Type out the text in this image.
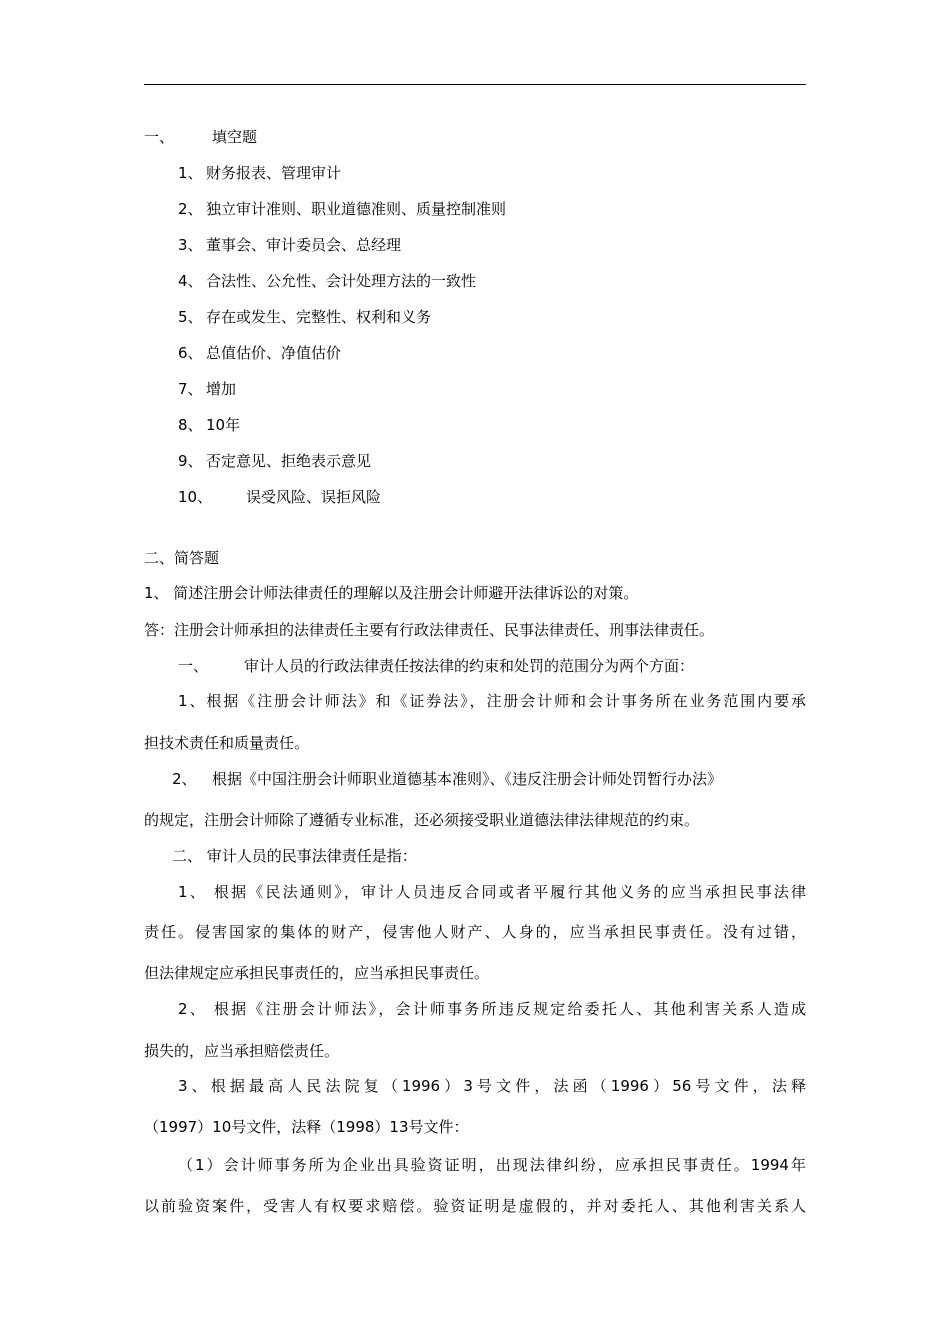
一、	填空题
1、 财务报表、管理审计
2、 独立审计准则、职业道德准则、质量控制准则
3、 董事会、审计委员会、总经理
4、 合法性、公允性、会计处理方法的一致性
5、 存在或发生、完整性、权利和义务
6、 总值估价、净值估价
7、 增加
8、 10年
9、 否定意见、拒绝表示意见
10、 误受风险、误拒风险
二、简答题
1、 简述注册会计师法律责任的理解以及注册会计师避开法律诉讼的对策。
答：注册会计师承担的法律责任主要有行政法律责任、民事法律责任、刑事法律责任。
一、 审计人员的行政法律责任按法律的约束和处罚的范围分为两个方面：
1、根据《注册会计师法》和《证券法》，注册会计师和会计事务所在业务范围内要承
担技术责任和质量责任。
2、 根据《中国注册会计师职业道德基本准则》、《违反注册会计师处罚暂行办法》
的规定，注册会计师除了遵循专业标准，还必须接受职业道德法律法律规范的约束。
二、 审计人员的民事法律责任是指：
1、 根据《民法通则》，审计人员违反合同或者平履行其他义务的应当承担民事法律
责任。侵害国家的集体的财产，侵害他人财产、人身的，应当承担民事责任。没有过错，
但法律规定应承担民事责任的，应当承担民事责任。
2、 根据《注册会计师法》，会计师事务所违反规定给委托人、其他利害关系人造成
损失的，应当承担赔偿责任。
3、根据最高人民法院复（1996）3号文件，法函（1996）56号文件，法释
（1997）10号文件，法释（1998）13号文件：
（1）会计师事务所为企业出具验资证明，出现法律纠纷，应承担民事责任。1994年
以前验资案件，受害人有权要求赔偿。验资证明是虚假的，并对委托人、其他利害关系人
